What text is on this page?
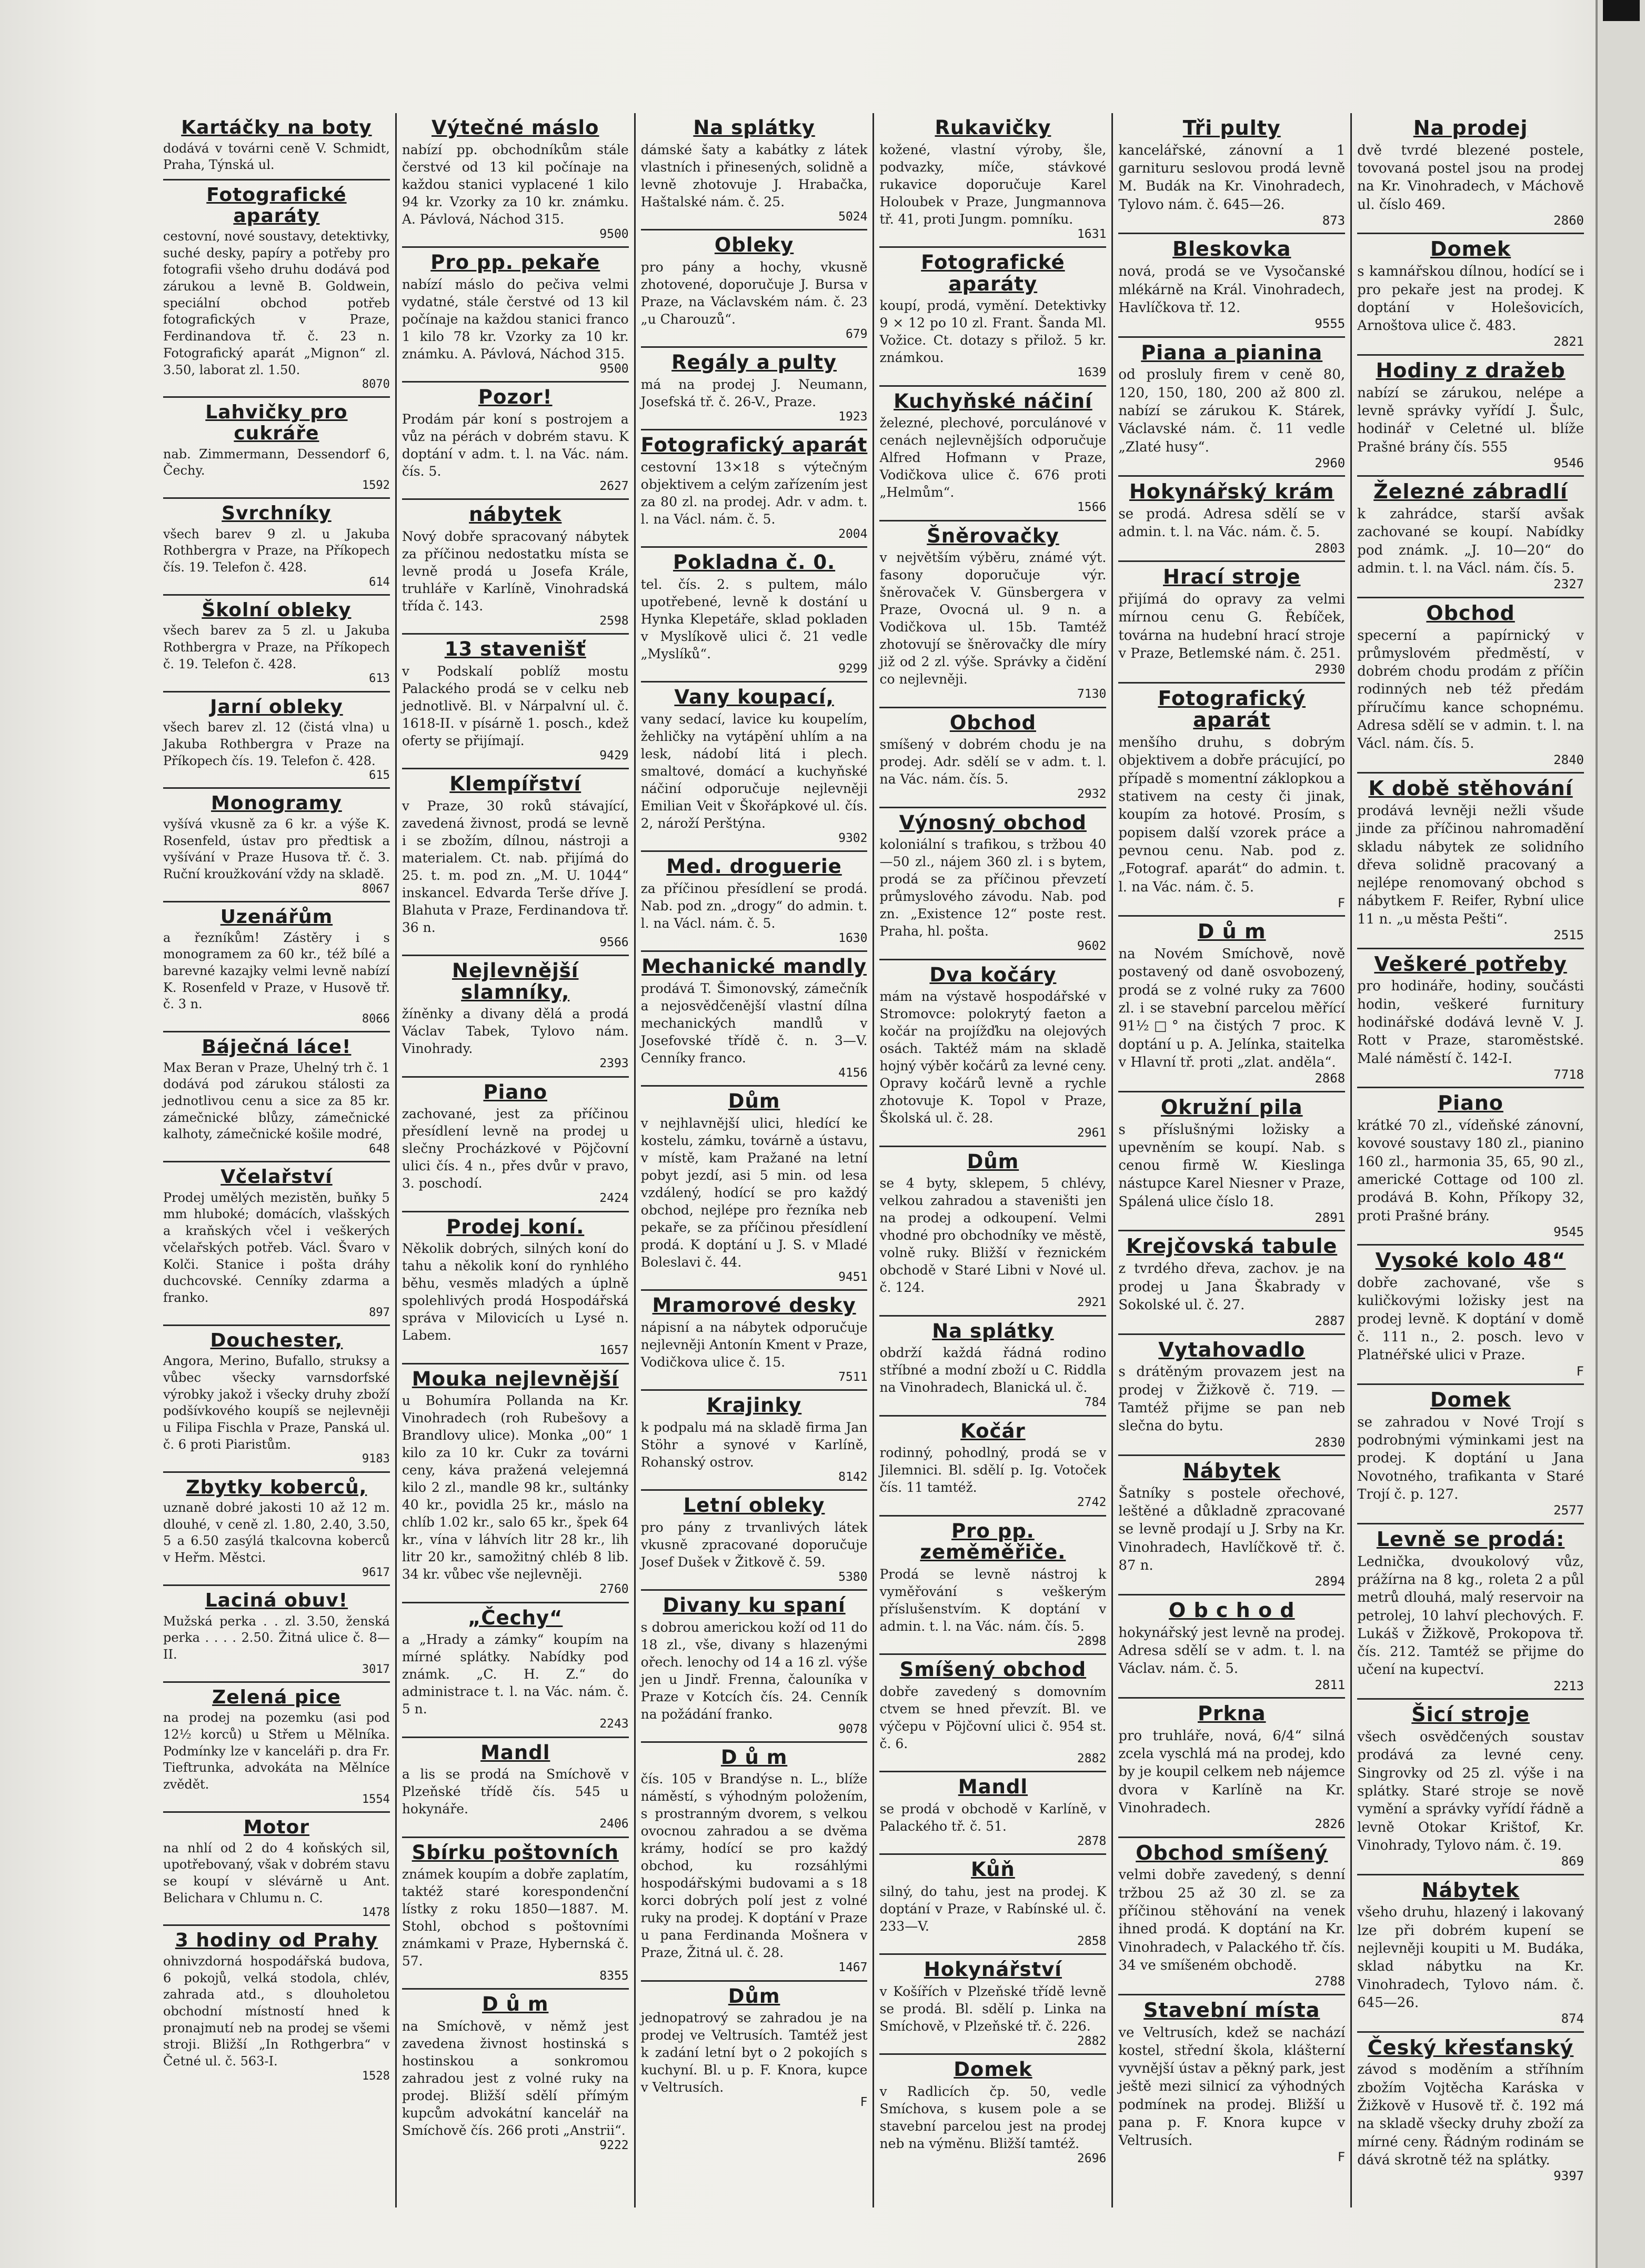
Kartáčky na boty

dodává v továrni ceně V. Schmidt, Praha, Týnská ul.

Fotografické aparáty

cestovní, nové soustavy, detektivky, suché desky, papíry a potřeby pro fotografii všeho druhu dodává pod zárukou a levně B. Goldwein, speciální obchod potřeb fotografických v Praze, Ferdinandova tř. č. 23 n. Fotografický aparát „Mignon“ zl. 3.50, laborat zl. 1.50.

8070

Lahvičky pro cukráře

nab. Zimmermann, Dessendorf 6, Čechy.

1592

Svrchníky

všech barev 9 zl. u Jakuba Rothbergra v Praze, na Příkopech čís. 19. Telefon č. 428.

614

Školní obleky

všech barev za 5 zl. u Jakuba Rothbergra v Praze, na Příkopech č. 19. Telefon č. 428.

613

Jarní obleky

všech barev zl. 12 (čistá vlna) u Jakuba Rothbergra v Praze na Příkopech čís. 19. Telefon č. 428.

615

Monogramy

vyšívá vkusně za 6 kr. a výše K. Rosenfeld, ústav pro předtisk a vyšívání v Praze Husova tř. č. 3. Ruční kroužkování vždy na skladě.

8067

Uzenářům

a řezníkům! Zástěry i s monogramem za 60 kr., též bílé a barevné kazajky velmi levně nabízí K. Rosenfeld v Praze, v Husově tř. č. 3 n.

8066

Báječná láce!

Max Beran v Praze, Uhelný trh č. 1 dodává pod zárukou stálosti za jednotlivou cenu a sice za 85 kr. zámečnické blůzy, zámečnické kalhoty, zámečnické košile modré,

648

Včelařství

Prodej umělých mezistěn, buňky 5 mm hluboké; domácích, vlašských a kraňských včel i veškerých včelařských potřeb. Václ. Švaro v Kolči. Stanice i pošta dráhy duchcovské. Cenníky zdarma a franko.

897

Douchester,

Angora, Merino, Bufallo, struksy a vůbec všecky varnsdorfské výrobky jakož i všecky druhy zboží podšívkového koupíš se nejlevněji u Filipa Fischla v Praze, Panská ul. č. 6 proti Piaristům.

9183

Zbytky koberců,

uznaně dobré jakosti 10 až 12 m. dlouhé, v ceně zl. 1.80, 2.40, 3.50, 5 a 6.50 zasýlá tkalcovna koberců v Heřm. Městci.

9617

Laciná obuv!

Mužská perka . . zl. 3.50, ženská perka . . . . 2.50. Žitná ulice č. 8—II.

3017

Zelená pice

na prodej na pozemku (asi pod 12½ korců) u Střem u Mělníka. Podmínky lze v kanceláři p. dra Fr. Tieftrunka, advokáta na Mělníce zvědět.

1554

Motor

na nhlí od 2 do 4 koňských sil, upotřebovaný, však v dobrém stavu se koupí v slévárně u Ant. Belichara v Chlumu n. C.

1478

3 hodiny od Prahy

ohnivzdorná hospodářská budova, 6 pokojů, velká stodola, chlév, zahrada atd., s dlouholetou obchodní místností hned k pronajmutí neb na prodej se všemi stroji. Bližší „In Rothgerbra“ v Četné ul. č. 563-I.

1528

Výtečné máslo

nabízí pp. obchodníkům stále čerstvé od 13 kil počínaje na každou stanici vyplacené 1 kilo 94 kr. Vzorky za 10 kr. známku. A. Pávlová, Náchod 315.

9500

Pro pp. pekaře

nabízí máslo do pečiva velmi vydatné, stále čerstvé od 13 kil počínaje na každou stanici franco 1 kilo 78 kr. Vzorky za 10 kr. známku. A. Pávlová, Náchod 315.

9500

Pozor!

Prodám pár koní s postrojem a vůz na pérách v dobrém stavu. K doptání v adm. t. l. na Vác. nám. čís. 5.

2627

nábytek

Nový dobře spracovaný nábytek za příčinou nedostatku místa se levně prodá u Josefa Krále, truhláře v Karlíně, Vinohradská třída č. 143.

2598

13 stavenišť

v Podskalí poblíž mostu Palackého prodá se v celku neb jednotlivě. Bl. v Nárpalvní ul. č. 1618-II. v písárně 1. posch., kdež oferty se přijímají.

9429

Klempířství

v Praze, 30 roků stávající, zavedená živnost, prodá se levně i se zbožím, dílnou, nástroji a materialem. Ct. nab. přijímá do 25. t. m. pod zn. „M. U. 1044“ inskancel. Edvarda Terše dříve J. Blahuta v Praze, Ferdinandova tř. 36 n.

9566

Nejlevnější slamníky,

žíněnky a divany dělá a prodá Václav Tabek, Tylovo nám. Vinohrady.

2393

Piano

zachované, jest za příčinou přesídlení levně na prodej u slečny Procházkové v Pöjčovní ulici čís. 4 n., přes dvůr v pravo, 3. poschodí.

2424

Prodej koní.

Několik dobrých, silných koní do tahu a několik koní do rynhlého běhu, vesměs mladých a úplně spolehlivých prodá Hospodářská správa v Milovicích u Lysé n. Labem.

1657

Mouka nejlevnější

u Bohumíra Pollanda na Kr. Vinohradech (roh Rubešovy a Brandlovy ulice). Monka „00“ 1 kilo za 10 kr. Cukr za továrni ceny, káva pražená velejemná kilo 2 zl., mandle 98 kr., sultánky 40 kr., povidla 25 kr., máslo na chlíb 1.02 kr., salo 65 kr., špek 64 kr., vína v láhvích litr 28 kr., lih litr 20 kr., samožitný chléb 8 lib. 34 kr. vůbec vše nejlevněji.

2760

„Čechy“

a „Hrady a zámky“ koupím na mírné splátky. Nabídky pod známk. „C. H. Z.“ do administrace t. l. na Vác. nám. č. 5 n.

2243

Mandl

a lis se prodá na Smíchově v Plzeňské třídě čís. 545 u hokynáře.

2406

Sbírku poštovních

známek koupím a dobře zaplatím, taktéž staré korespondenční lístky z roku 1850—1887. M. Stohl, obchod s poštovními známkami v Praze, Hybernská č. 57.

8355

D ů m

na Smíchově, v němž jest zavedena živnost hostinská s hostinskou a sonkromou zahradou jest z volné ruky na prodej. Bližší sdělí přímým kupcům advokátní kancelář na Smíchově čís. 266 proti „Anstrii“.

9222

Na splátky

dámské šaty a kabátky z látek vlastních i přinesených, solidně a levně zhotovuje J. Hrabačka, Haštalské nám. č. 25.

5024

Obleky

pro pány a hochy, vkusně zhotovené, doporučuje J. Bursa v Praze, na Václavském nám. č. 23 „u Charouzů“.

679

Regály a pulty

má na prodej J. Neumann, Josefská tř. č. 26-V., Praze.

1923

Fotografický aparát

cestovní 13×18 s výtečným objektivem a celým zařízením jest za 80 zl. na prodej. Adr. v adm. t. l. na Václ. nám. č. 5.

2004

Pokladna č. 0.

tel. čís. 2. s pultem, málo upotřebené, levně k dostání u Hynka Klepetáře, sklad pokladen v Myslíkově ulici č. 21 vedle „Myslíků“.

9299

Vany koupací,

vany sedací, lavice ku koupelím, žehličky na vytápění uhlím a na lesk, nádobí litá i plech. smaltové, domácí a kuchyňské náčiní odporučuje nejlevněji Emilian Veit v Škořápkové ul. čís. 2, nároží Perštýna.

9302

Med. droguerie

za příčinou přesídlení se prodá. Nab. pod zn. „drogy“ do admin. t. l. na Václ. nám. č. 5.

1630

Mechanické mandly

prodává T. Šimonovský, zámečník a nejosvědčenější vlastní dílna mechanických mandlů v Josefovské třídě č. n. 3—V. Cenníky franco.

4156

Dům

v nejhlavnější ulici, hledící ke kostelu, zámku, továrně a ústavu, v místě, kam Pražané na letní pobyt jezdí, asi 5 min. od lesa vzdálený, hodící se pro každý obchod, nejlépe pro řezníka neb pekaře, se za příčinou přesídlení prodá. K doptání u J. S. v Mladé Boleslavi č. 44.

9451

Mramorové desky

nápisní a na nábytek odporučuje nejlevněji Antonín Kment v Praze, Vodičkova ulice č. 15.

7511

Krajinky

k podpalu má na skladě firma Jan Stöhr a synové v Karlíně, Rohanský ostrov.

8142

Letní obleky

pro pány z trvanlivých látek vkusně zpracované doporučuje Josef Dušek v Žitkově č. 59.

5380

Divany ku spaní

s dobrou americkou koží od 11 do 18 zl., vše, divany s hlazenými ořech. lenochy od 14 a 16 zl. výše jen u Jindř. Frenna, čalouníka v Praze v Kotcích čís. 24. Cenník na požádání franko.

9078

D ů m

čís. 105 v Brandýse n. L., blíže náměstí, s výhodným položením, s prostranným dvorem, s velkou ovocnou zahradou a se dvěma krámy, hodící se pro každý obchod, ku rozsáhlými hospodářskými budovami a s 18 korci dobrých polí jest z volné ruky na prodej. K doptání v Praze u pana Ferdinanda Mošnera v Praze, Žitná ul. č. 28.

1467

Dům

jednopatrový se zahradou je na prodej ve Veltrusích. Tamtéž jest k zadání letní byt o 2 pokojích s kuchyní. Bl. u p. F. Knora, kupce v Veltrusích.

F

Rukavičky

kožené, vlastní výroby, šle, podvazky, míče, stávkové rukavice doporučuje Karel Holoubek v Praze, Jungmannova tř. 41, proti Jungm. pomníku.

1631

Fotografické aparáty

koupí, prodá, vymění. Detektivky 9 × 12 po 10 zl. Frant. Šanda Ml. Vožice. Ct. dotazy s přilož. 5 kr. známkou.

1639

Kuchyňské náčiní

železné, plechové, porculánové v cenách nejlevnějších odporučuje Alfred Hofmann v Praze, Vodičkova ulice č. 676 proti „Helmům“.

1566

Šněrovačky

v největším výběru, známé výt. fasony doporučuje výr. šněrovaček V. Günsbergera v Praze, Ovocná ul. 9 n. a Vodičkova ul. 15b. Tamtéž zhotovují se šněrovačky dle míry již od 2 zl. výše. Správky a čidění co nejlevněji.

7130

Obchod

smíšený v dobrém chodu je na prodej. Adr. sdělí se v adm. t. l. na Vác. nám. čís. 5.

2932

Výnosný obchod

koloniální s trafikou, s tržbou 40—50 zl., nájem 360 zl. i s bytem, prodá se za příčinou převzetí průmyslového závodu. Nab. pod zn. „Existence 12“ poste rest. Praha, hl. pošta.

9602

Dva kočáry

mám na výstavě hospodářské v Stromovce: polokrytý faeton a kočár na projížďku na olejových osách. Taktéž mám na skladě hojný výběr kočárů za levné ceny. Opravy kočárů levně a rychle zhotovuje K. Topol v Praze, Školská ul. č. 28.

2961

Dům

se 4 byty, sklepem, 5 chlévy, velkou zahradou a staveništi jen na prodej a odkoupení. Velmi vhodné pro obchodníky ve městě, volně ruky. Bližší v řeznickém obchodě v Staré Libni v Nové ul. č. 124.

2921

Na splátky

obdrží každá řádná rodino stříbné a modní zboží u C. Riddla na Vinohradech, Blanická ul. č.

784

Kočár

rodinný, pohodlný, prodá se v Jilemnici. Bl. sdělí p. Ig. Votoček čís. 11 tamtéž.

2742

Pro pp. zeměměřiče.

Prodá se levně nástroj k vyměřování s veškerým příslušenstvím. K doptání v admin. t. l. na Vác. nám. čís. 5.

2898

Smíšený obchod

dobře zavedený s domovním ctvem se hned převzít. Bl. ve výčepu v Pöjčovní ulici č. 954 st. č. 6.

2882

Mandl

se prodá v obchodě v Karlíně, v Palackého tř. č. 51.

2878

Kůň

silný, do tahu, jest na prodej. K doptání v Praze, v Rabínské ul. č. 233—V.

2858

Hokynářství

v Košířích v Plzeňské třídě levně se prodá. Bl. sdělí p. Linka na Smíchově, v Plzeňské tř. č. 226.

2882

Domek

v Radlicích čp. 50, vedle Smíchova, s kusem pole a se stavební parcelou jest na prodej neb na výměnu. Bližší tamtéž.

2696

Tři pulty

kancelářské, zánovní a 1 garnituru seslovou prodá levně M. Budák na Kr. Vinohradech, Tylovo nám. č. 645—26.

873

Bleskovka

nová, prodá se ve Vysočanské mlékárně na Král. Vinohradech, Havlíčkova tř. 12.

9555

Piana a pianina

od prosluly firem v ceně 80, 120, 150, 180, 200 až 800 zl. nabízí se zárukou K. Stárek, Václavské nám. č. 11 vedle „Zlaté husy“.

2960

Hokynářský krám

se prodá. Adresa sdělí se v admin. t. l. na Vác. nám. č. 5.

2803

Hrací stroje

přijímá do opravy za velmi mírnou cenu G. Řebíček, továrna na hudební hrací stroje v Praze, Betlemské nám. č. 251.

2930

Fotografický aparát

menšího druhu, s dobrým objektivem a dobře prácující, po případě s momentní záklopkou a stativem na cesty či jinak, koupím za hotové. Prosím, s popisem další vzorek práce a pevnou cenu. Nab. pod z. „Fotograf. aparát“ do admin. t. l. na Vác. nám. č. 5.

F

D ů m

na Novém Smíchově, nově postavený od daně osvobozený, prodá se z volné ruky za 7600 zl. i se stavební parcelou měřící 91½□° na čistých 7 proc. K doptání u p. A. Jelínka, staitelka v Hlavní tř. proti „zlat. anděla“.

2868

Okružní pila

s příslušnými ložisky a upevněním se koupí. Nab. s cenou firmě W. Kieslinga nástupce Karel Niesner v Praze, Spálená ulice číslo 18.

2891

Krejčovská tabule

z tvrdého dřeva, zachov. je na prodej u Jana Škabrady v Sokolské ul. č. 27.

2887

Vytahovadlo

s drátěným provazem jest na prodej v Žižkově č. 719. — Tamtéž přijme se pan neb slečna do bytu.

2830

Nábytek

Šatníky s postele ořechové, leštěné a důkladně zpracované se levně prodají u J. Srby na Kr. Vinohradech, Havlíčkově tř. č. 87 n.

2894

O b c h o d

hokynářský jest levně na prodej. Adresa sdělí se v adm. t. l. na Václav. nám. č. 5.

2811

Prkna

pro truhláře, nová, 6/4“ silná zcela vyschlá má na prodej, kdo by je koupil celkem neb nájemce dvora v Karlíně na Kr. Vinohradech.

2826

Obchod smíšený

velmi dobře zavedený, s denní tržbou 25 až 30 zl. se za příčinou stěhování na venek ihned prodá. K doptání na Kr. Vinohradech, v Palackého tř. čís. 34 ve smíšeném obchodě.

2788

Stavební místa

ve Veltrusích, kdež se nachází kostel, střední škola, klášterní vyvnější ústav a pěkný park, jest ještě mezi silnicí za výhodných podmínek na prodej. Bližší u pana p. F. Knora kupce v Veltrusích.

F

Na prodej

dvě tvrdé blezené postele, tovovaná postel jsou na prodej na Kr. Vinohradech, v Máchově ul. číslo 469.

2860

Domek

s kamnářskou dílnou, hodící se i pro pekaře jest na prodej. K doptání v Holešovicích, Arnoštova ulice č. 483.

2821

Hodiny z dražeb

nabízí se zárukou, nelépe a levně správky vyřídí J. Šulc, hodinář v Celetné ul. blíže Prašné brány čís. 555

9546

Železné zábradlí

k zahrádce, starší avšak zachované se koupí. Nabídky pod známk. „J. 10—20“ do admin. t. l. na Václ. nám. čís. 5.

2327

Obchod

specerní a papírnický v průmyslovém předměstí, v dobrém chodu prodám z příčin rodinných neb též předám příručímu kance schopnému. Adresa sdělí se v admin. t. l. na Václ. nám. čís. 5.

2840

K době stěhování

prodává levněji nežli všude jinde za příčinou nahromadění skladu nábytek ze solidního dřeva solidně pracovaný a nejlépe renomovaný obchod s nábytkem F. Reifer, Rybní ulice 11 n. „u města Pešti“.

2515

Veškeré potřeby

pro hodináře, hodiny, součásti hodin, veškeré furnitury hodinářské dodává levně V. J. Rott v Praze, staroměstské. Malé náměstí č. 142-I.

7718

Piano

krátké 70 zl., vídeňské zánovní, kovové soustavy 180 zl., pianino 160 zl., harmonia 35, 65, 90 zl., americké Cottage od 100 zl. prodává B. Kohn, Příkopy 32, proti Prašné brány.

9545

Vysoké kolo 48“

dobře zachované, vše s kuličkovými ložisky jest na prodej levně. K doptání v domě č. 111 n., 2. posch. levo v Platnéřské ulici v Praze.

F

Domek

se zahradou v Nové Trojí s podrobnými výminkami jest na prodej. K doptání u Jana Novotného, trafikanta v Staré Trojí č. p. 127.

2577

Levně se prodá:

Lednička, dvoukolový vůz, prážírna na 8 kg., roleta 2 a půl metrů dlouhá, malý reservoir na petrolej, 10 lahví plechových. F. Lukáš v Žižkově, Prokopova tř. čís. 212. Tamtéž se přijme do učení na kupectví.

2213

Šicí stroje

všech osvědčených soustav prodává za levné ceny. Singrovky od 25 zl. výše i na splátky. Staré stroje se nově vymění a správky vyřídí řádně a levně Otokar Krištof, Kr. Vinohrady, Tylovo nám. č. 19.

869

Nábytek

všeho druhu, hlazený i lakovaný lze při dobrém kupení se nejlevněji koupiti u M. Budáka, sklad nábytku na Kr. Vinohradech, Tylovo nám. č. 645—26.

874

Český křesťanský

závod s moděním a stříhním zbožím Vojtěcha Karáska v Žižkově v Husově tř. č. 192 má na skladě všecky druhy zboží za mírné ceny. Řádným rodinám se dává skrotně též na splátky.

9397
